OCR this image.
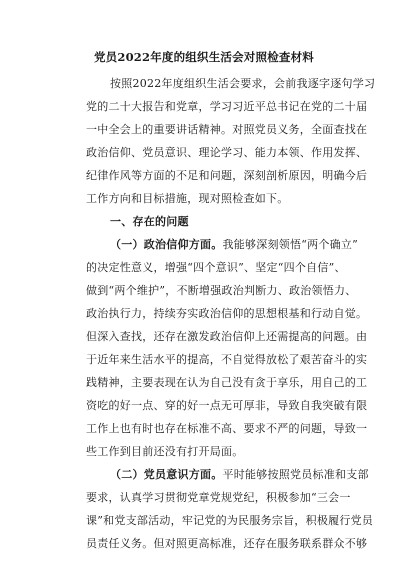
党员2022年度的组织生活会对照检查材料
按照2022年度组织生活会要求，会前我逐字逐句学习
党的二十大报告和党章，学习习近平总书记在党的二十届
一中全会上的重要讲话精神。对照党员义务，全面查找在
政治信仰、党员意识、理论学习、能力本领、作用发挥、
纪律作风等方面的不足和问题，深刻剖析原因，明确今后
工作方向和目标措施，现对照检查如下。
一、存在的问题
（一）政治信仰方面。我能够深刻领悟“两个确立”
的决定性意义，增强“四个意识”、坚定“四个自信”、
做到“两个维护”，不断增强政治判断力、政治领悟力、
政治执行力，持续夯实政治信仰的思想根基和行动自觉。
但深入查找，还存在激发政治信仰上还需提高的问题。由
于近年来生活水平的提高，不自觉得放松了艰苦奋斗的实
践精神，主要表现在认为自己没有贪于享乐，用自己的工
资吃的好一点、穿的好一点无可厚非，导致自我突破有限
工作上也有时也存在标准不高、要求不严的问题，导致一
些工作到目前还没有打开局面。
（二）党员意识方面。平时能够按照党员标准和支部
要求，认真学习贯彻党章党规党纪，积极参加“三会一
课”和党支部活动，牢记党的为民服务宗旨，积极履行党员
员责任义务。但对照更高标准，还存在服务联系群众不够
